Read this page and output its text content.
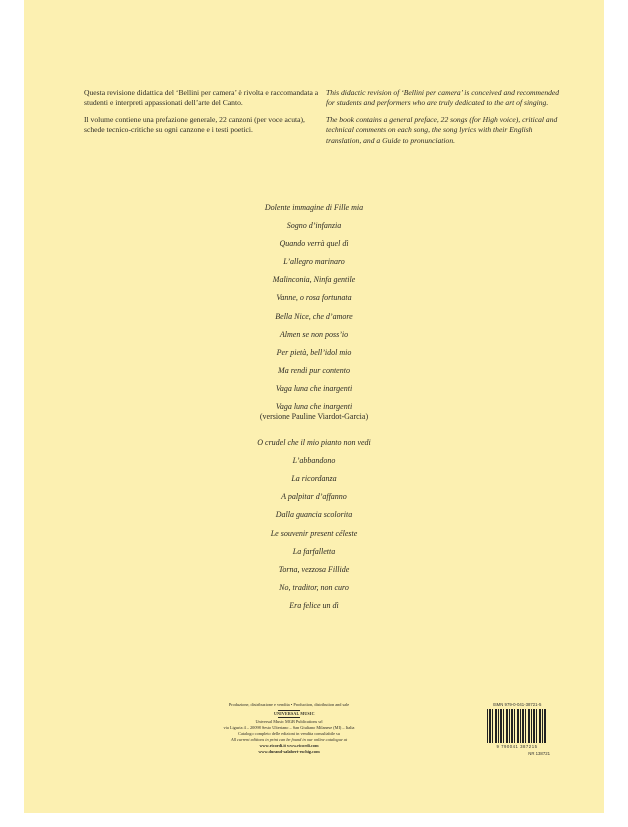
Questa revisione didattica del ‘Bellini per camera’ è rivolta e raccomandata a studenti e interpreti appassionati dell’arte del Canto.

Il volume contiene una prefazione generale, 22 canzoni (per voce acuta), schede tecnico-critiche su ogni canzone e i testi poetici.

This didactic revision of ‘Bellini per camera’ is conceived and recommended for students and performers who are truly dedicated to the art of singing.

The book contains a general preface, 22 songs (for High voice), critical and technical comments on each song, the song lyrics with their English translation, and a Guide to pronunciation.

Dolente immagine di Fille mia
Sogno d’infanzia
Quando verrà quel dì
L’allegro marinaro
Malinconia, Ninfa gentile
Vanne, o rosa fortunata
Bella Nice, che d’amore
Almen se non poss’io
Per pietà, bell’idol mio
Ma rendi pur contento
Vaga luna che inargenti
Vaga luna che inargenti
(versione Pauline Viardot-Garcia)
O crudel che il mio pianto non vedi
L’abbandono
La ricordanza
A palpitar d’affanno
Dalla guancia scolorita
Le souvenir present céleste
La farfalletta
Torna, vezzosa Fillide
No, traditor, non curo
Era felice un dì
Produzione, distribuzione e vendita • Production, distribution and sale
UNIVERSAL MUSIC
Universal Music MGB Publications srl
via Liguria 4 – 20098 Sesto Ulteriano – San Giuliano Milanese (MI) – Italia
Catalogo completo delle edizioni in vendita consultabile su
All current editions in print can be found in our online catalogue at
www.ricordi.it www.ricordi.com
www.durand-salabert-eschig.com
ISMN 979-0-041-38721-5
9 790041 387215
NR 138721
